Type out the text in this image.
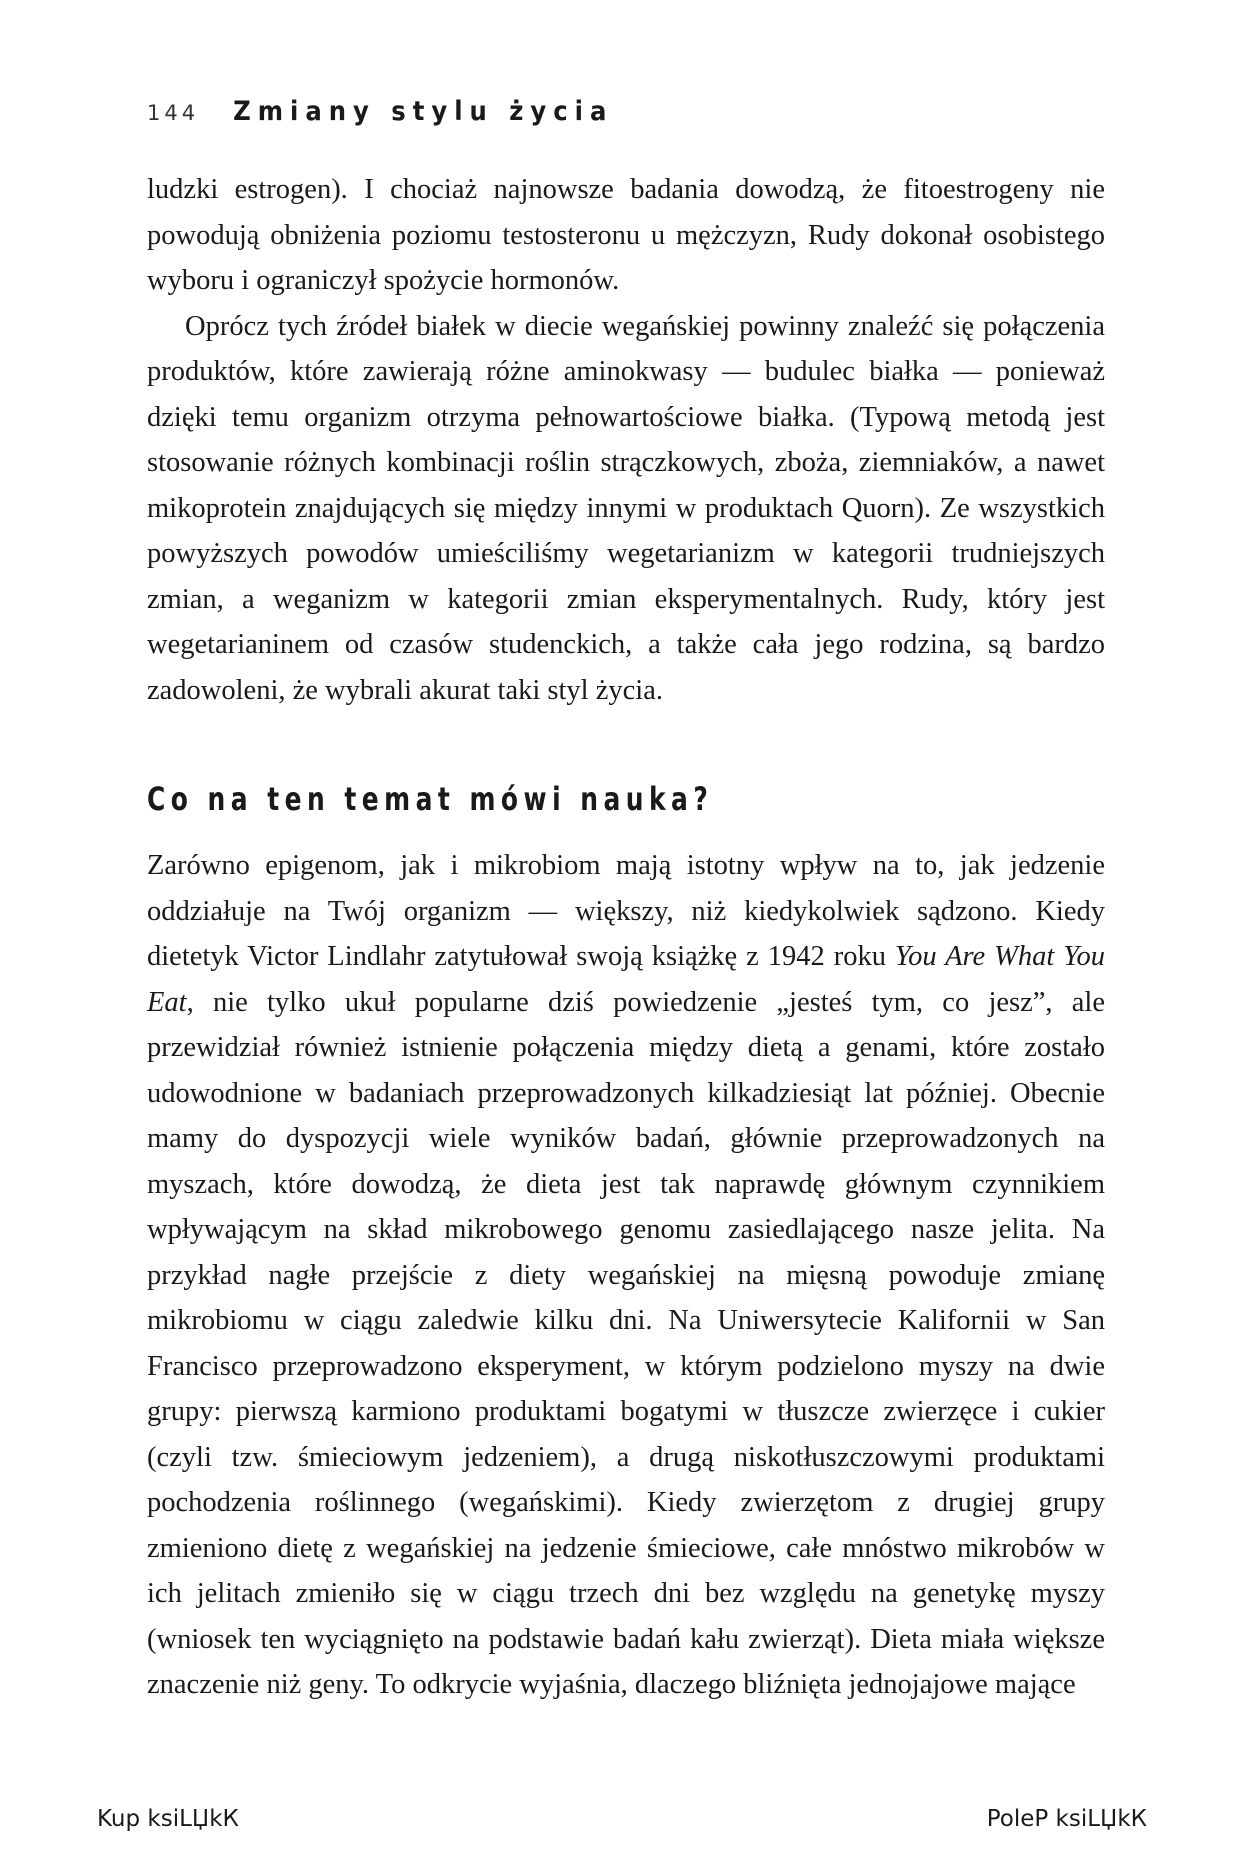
144 Zmiany stylu życia

ludzki estrogen). I chociaż najnowsze badania dowodzą, że fitoestrogeny nie powodują obniżenia poziomu testosteronu u mężczyzn, Rudy dokonał osobistego wyboru i ograniczył spożycie hormonów.

Oprócz tych źródeł białek w diecie wegańskiej powinny znaleźć się połączenia produktów, które zawierają różne aminokwasy — budulec białka — ponieważ dzięki temu organizm otrzyma pełnowartościowe białka. (Typową metodą jest stosowanie różnych kombinacji roślin strączkowych, zboża, ziemniaków, a nawet mikoprotein znajdujących się między innymi w produktach Quorn). Ze wszystkich powyższych powodów umieściliśmy wegetarianizm w kategorii trudniejszych zmian, a weganizm w kategorii zmian eksperymentalnych. Rudy, który jest wegetarianinem od czasów studenckich, a także cała jego rodzina, są bardzo zadowoleni, że wybrali akurat taki styl życia.

Co na ten temat mówi nauka?

Zarówno epigenom, jak i mikrobiom mają istotny wpływ na to, jak jedzenie oddziałuje na Twój organizm — większy, niż kiedykolwiek sądzono. Kiedy dietetyk Victor Lindlahr zatytułował swoją książkę z 1942 roku You Are What You Eat, nie tylko ukuł popularne dziś powiedzenie „jesteś tym, co jesz”, ale przewidział również istnienie połączenia między dietą a genami, które zostało udowodnione w badaniach przeprowadzonych kilkadziesiąt lat później. Obecnie mamy do dyspozycji wiele wyników badań, głównie przeprowadzonych na myszach, które dowodzą, że dieta jest tak naprawdę głównym czynnikiem wpływającym na skład mikrobowego genomu zasiedlającego nasze jelita. Na przykład nagłe przejście z diety wegańskiej na mięsną powoduje zmianę mikrobiomu w ciągu zaledwie kilku dni. Na Uniwersytecie Kalifornii w San Francisco przeprowadzono eksperyment, w którym podzielono myszy na dwie grupy: pierwszą karmiono produktami bogatymi w tłuszcze zwierzęce i cukier (czyli tzw. śmieciowym jedzeniem), a drugą niskotłuszczowymi produktami pochodzenia roślinnego (wegańskimi). Kiedy zwierzętom z drugiej grupy zmieniono dietę z wegańskiej na jedzenie śmieciowe, całe mnóstwo mikrobów w ich jelitach zmieniło się w ciągu trzech dni bez względu na genetykę myszy (wniosek ten wyciągnięto na podstawie badań kału zwierząt). Dieta miała większe znaczenie niż geny. To odkrycie wyjaśnia, dlaczego bliźnięta jednojajowe mające

Kup ksiLЏkК	PoleР ksiLЏkК
